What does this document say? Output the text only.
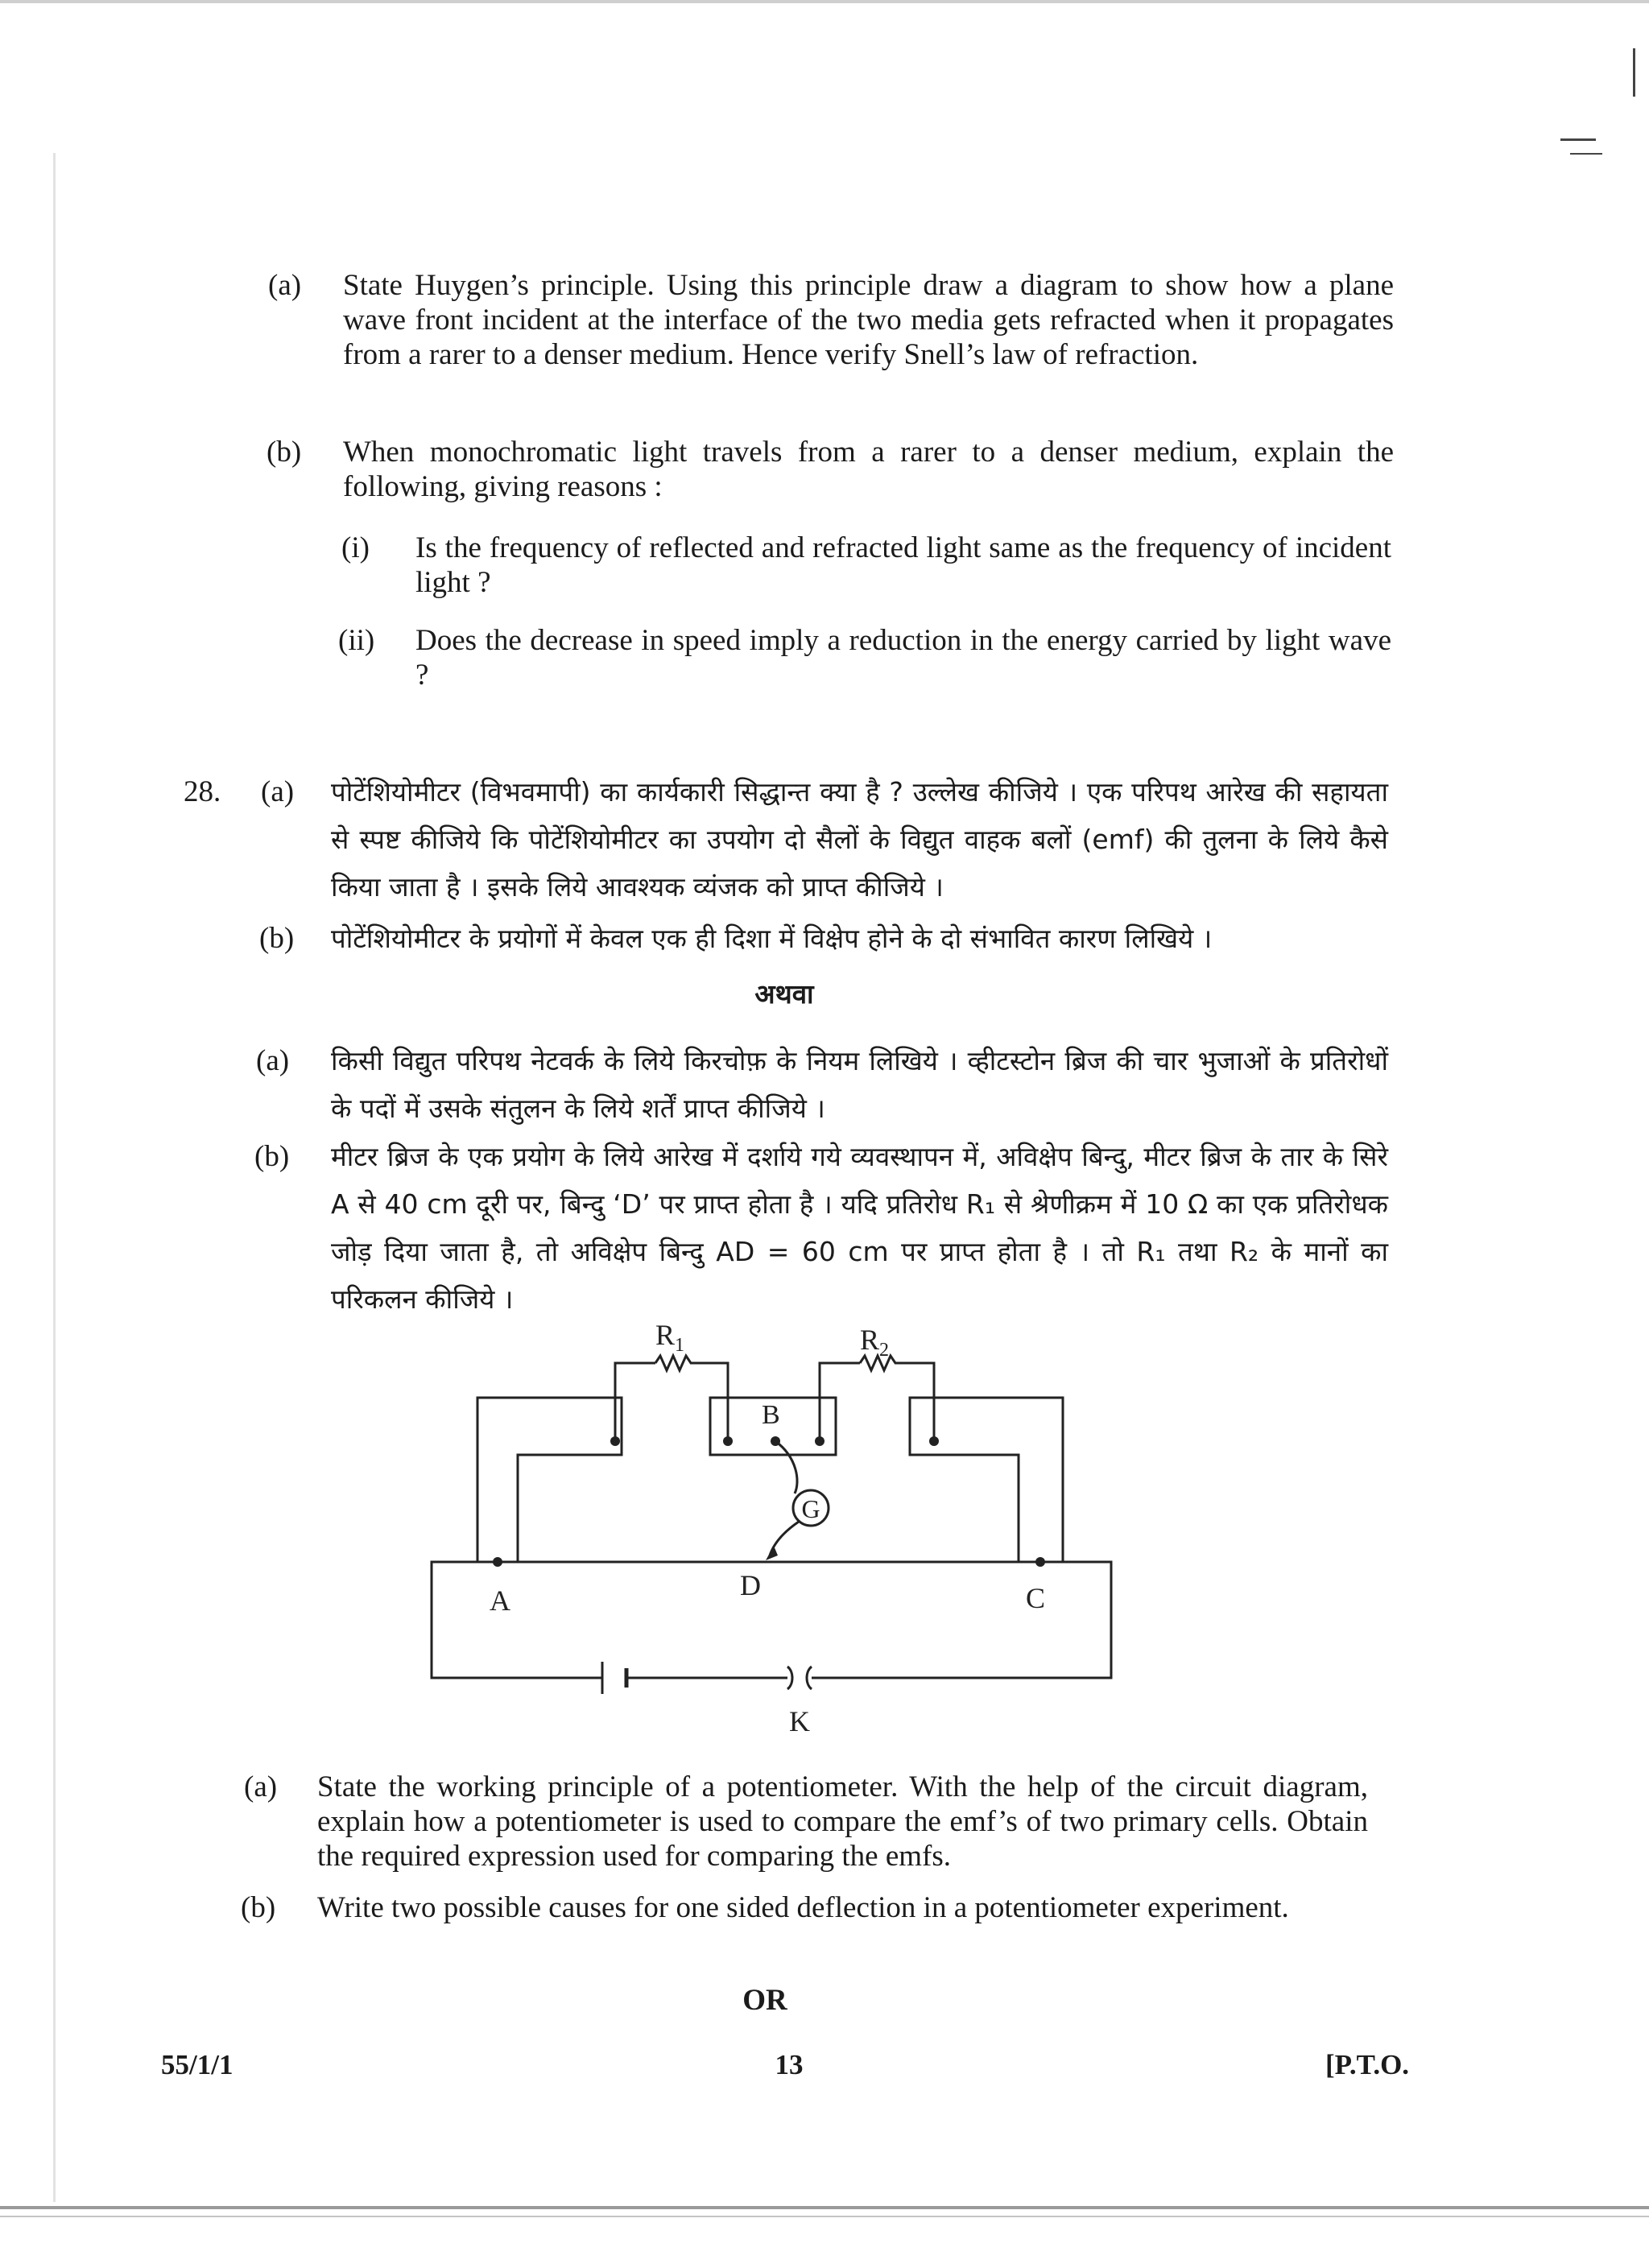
(a) State Huygen’s principle. Using this principle draw a diagram to show how a plane wave front incident at the interface of the two media gets refracted when it propagates from a rarer to a denser medium. Hence verify Snell’s law of refraction.
(b) When monochromatic light travels from a rarer to a denser medium, explain the following, giving reasons :
(i) Is the frequency of reflected and refracted light same as the frequency of incident light ?
(ii) Does the decrease in speed imply a reduction in the energy carried by light wave ?
28. (a) पोटेंशियोमीटर (विभवमापी) का कार्यकारी सिद्धान्त क्या है ? उल्लेख कीजिये । एक परिपथ आरेख की सहायता से स्पष्ट कीजिये कि पोटेंशियोमीटर का उपयोग दो सैलों के विद्युत वाहक बलों (emf) की तुलना के लिये कैसे किया जाता है । इसके लिये आवश्यक व्यंजक को प्राप्त कीजिये ।
(b) पोटेंशियोमीटर के प्रयोगों में केवल एक ही दिशा में विक्षेप होने के दो संभावित कारण लिखिये ।
अथवा
(a) किसी विद्युत परिपथ नेटवर्क के लिये किरचोफ़ के नियम लिखिये । व्हीटस्टोन ब्रिज की चार भुजाओं के प्रतिरोधों के पदों में उसके संतुलन के लिये शर्तें प्राप्त कीजिये ।
(b) मीटर ब्रिज के एक प्रयोग के लिये आरेख में दर्शाये गये व्यवस्थापन में, अविक्षेप बिन्दु, मीटर ब्रिज के तार के सिरे A से 40 cm दूरी पर, बिन्दु ‘D’ पर प्राप्त होता है । यदि प्रतिरोध R₁ से श्रेणीक्रम में 10 Ω का एक प्रतिरोधक जोड़ दिया जाता है, तो अविक्षेप बिन्दु AD = 60 cm पर प्राप्त होता है । तो R₁ तथा R₂ के मानों का परिकलन कीजिये ।
$R_1$	$R_2$
B
G
A	D	C
K
(a) State the working principle of a potentiometer. With the help of the circuit diagram, explain how a potentiometer is used to compare the emf’s of two primary cells. Obtain the required expression used for comparing the emfs.
(b) Write two possible causes for one sided deflection in a potentiometer experiment.
OR
55/1/1	13	[P.T.O.
